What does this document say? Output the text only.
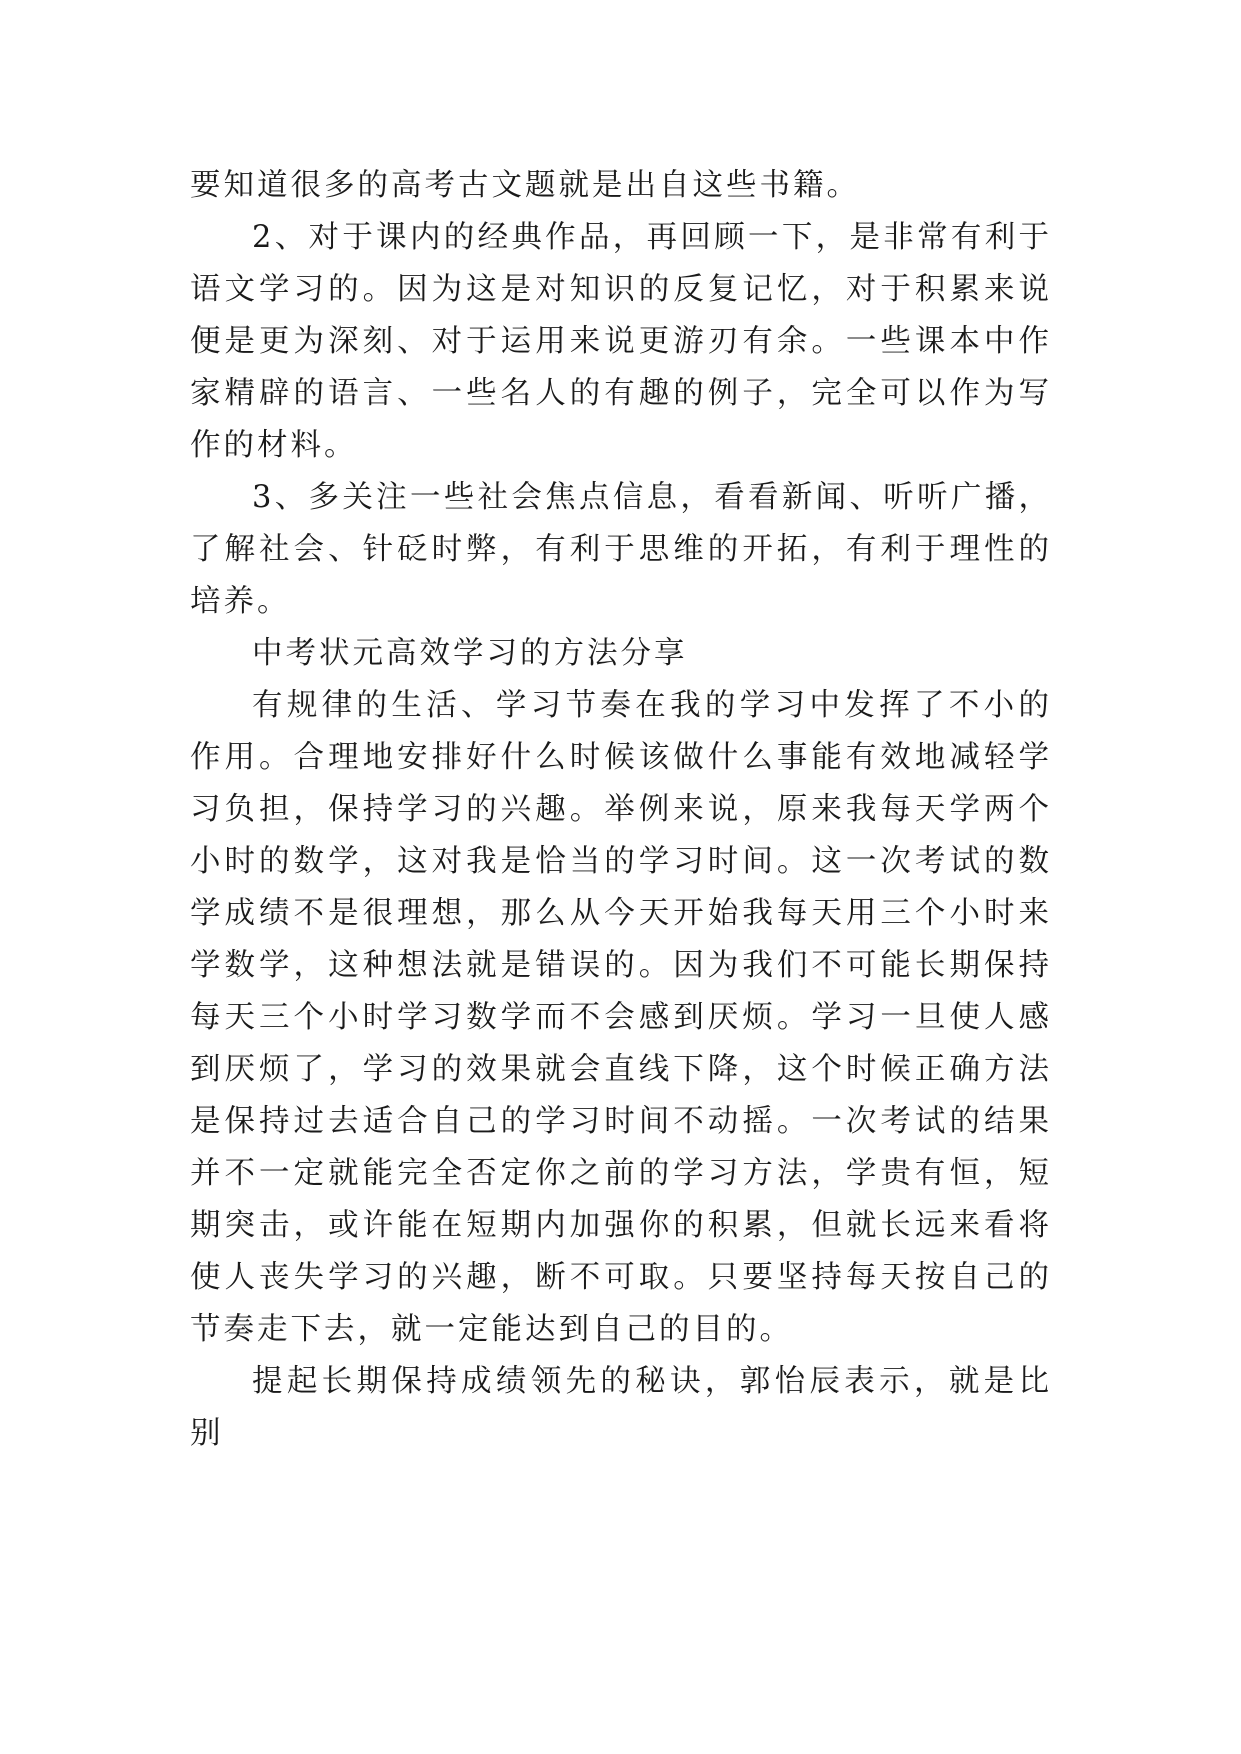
要知道很多的高考古文题就是出自这些书籍。

2、对于课内的经典作品，再回顾一下，是非常有利于语文学习的。因为这是对知识的反复记忆，对于积累来说便是更为深刻、对于运用来说更游刃有余。一些课本中作家精辟的语言、一些名人的有趣的例子，完全可以作为写作的材料。

3、多关注一些社会焦点信息，看看新闻、听听广播，了解社会、针砭时弊，有利于思维的开拓，有利于理性的培养。

中考状元高效学习的方法分享

有规律的生活、学习节奏在我的学习中发挥了不小的作用。合理地安排好什么时候该做什么事能有效地减轻学习负担，保持学习的兴趣。举例来说，原来我每天学两个小时的数学，这对我是恰当的学习时间。这一次考试的数学成绩不是很理想，那么从今天开始我每天用三个小时来学数学，这种想法就是错误的。因为我们不可能长期保持每天三个小时学习数学而不会感到厌烦。学习一旦使人感到厌烦了，学习的效果就会直线下降，这个时候正确方法是保持过去适合自己的学习时间不动摇。一次考试的结果并不一定就能完全否定你之前的学习方法，学贵有恒，短期突击，或许能在短期内加强你的积累，但就长远来看将使人丧失学习的兴趣，断不可取。只要坚持每天按自己的节奏走下去，就一定能达到自己的目的。

提起长期保持成绩领先的秘诀，郭怡辰表示，就是比别
